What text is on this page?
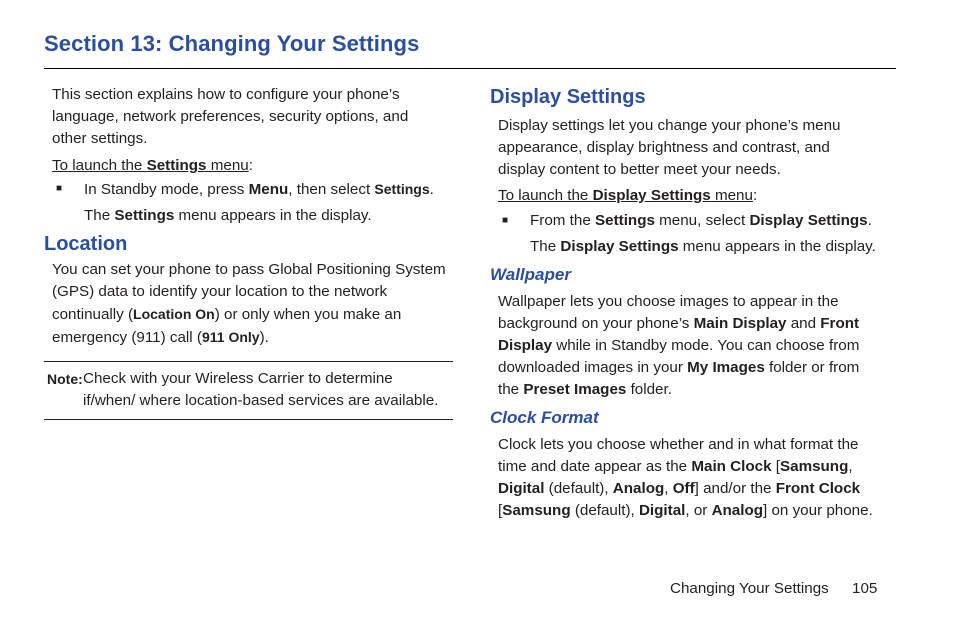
Section 13: Changing Your Settings

This section explains how to configure your phone’s language, network preferences, security options, and other settings.

To launch the Settings menu:

■ In Standby mode, press Menu, then select Settings.

The Settings menu appears in the display.

Location

You can set your phone to pass Global Positioning System (GPS) data to identify your location to the network continually (Location On) or only when you make an emergency (911) call (911 Only).

Note: Check with your Wireless Carrier to determine if/when/ where location-based services are available.
Display Settings

Display settings let you change your phone’s menu appearance, display brightness and contrast, and display content to better meet your needs.

To launch the Display Settings menu:

■ From the Settings menu, select Display Settings.

The Display Settings menu appears in the display.

Wallpaper

Wallpaper lets you choose images to appear in the background on your phone’s Main Display and Front Display while in Standby mode. You can choose from downloaded images in your My Images folder or from the Preset Images folder.

Clock Format

Clock lets you choose whether and in what format the time and date appear as the Main Clock [Samsung, Digital (default), Analog, Off] and/or the Front Clock [Samsung (default), Digital, or Analog] on your phone.

Changing Your Settings 105
